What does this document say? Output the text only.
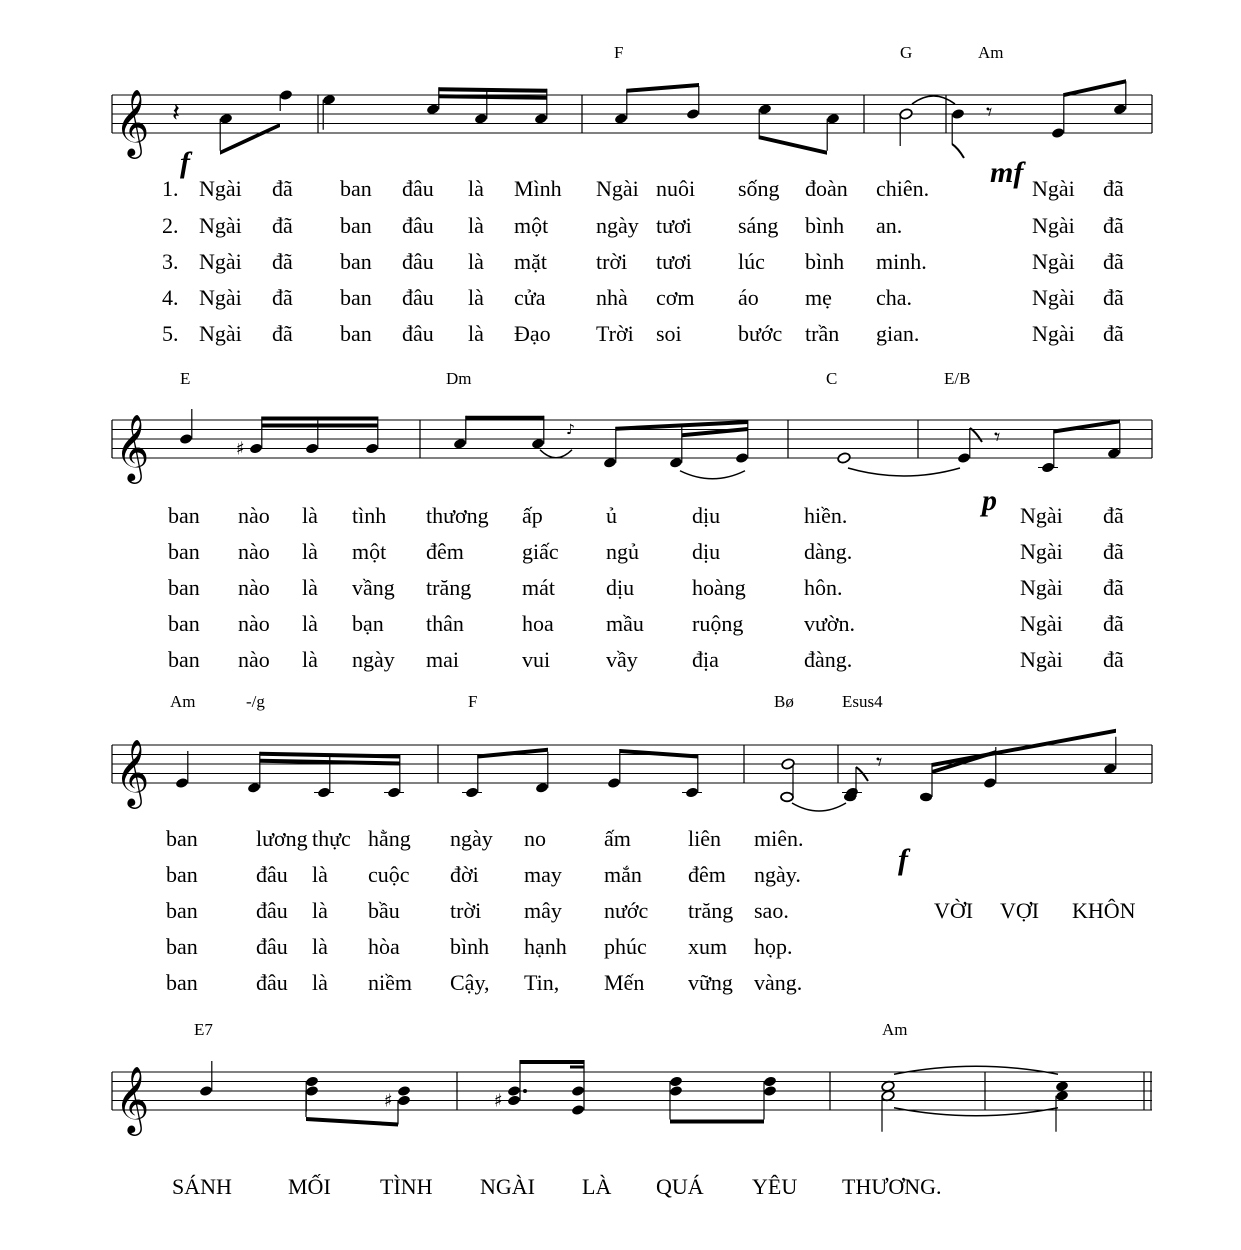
𝄞 𝄽	𝄾
𝄞	♯
♪	𝄾
𝄞	𝄾
𝄞	♯	♯
F	G	Am
E	Dm	C	E/B
Am	-/g	F	Bø	Esus4
E7	Am
f	mf
p
f
1. Ngài đã ban đâu là Mình Ngài nuôi sống đoàn chiên.	Ngài đã
2. Ngài đã ban đâu là một ngày tươi sáng bình an.	Ngài đã
3. Ngài đã ban đâu là mặt trời tươi lúc bình minh.	Ngài đã
4. Ngài đã ban đâu là cửa nhà cơm áo mẹ cha.	Ngài đã
5. Ngài đã ban đâu là Đạo Trời soi	bước trần gian.	Ngài đã
ban nào là tình thương ấp	ủ	dịu	hiền.	Ngài đã
ban nào là một đêm	giấc ngủ dịu	dàng.	Ngài đã
ban nào là vầng trăng mát dịu	hoàng	hôn.	Ngài đã
ban nào là bạn thân	hoa mầu ruộng	vườn.	Ngài đã
ban nào là ngày mai	vui	vầy địa	đàng.	Ngài đã
ban	lương thực hằng ngày no	ấm	liên miên.
ban	đâu là cuộc đời may mắn đêm ngày.
ban	đâu là bầu trời mây nước trăng sao.
ban	đâu là hòa bình hạnh phúc xum họp.
ban	đâu là niềm Cậy, Tin, Mến vững vàng.
VỜI VỢI KHÔN
SÁNH	MỐI TÌNH NGÀI LÀ QUÁ YÊU THƯƠNG.
